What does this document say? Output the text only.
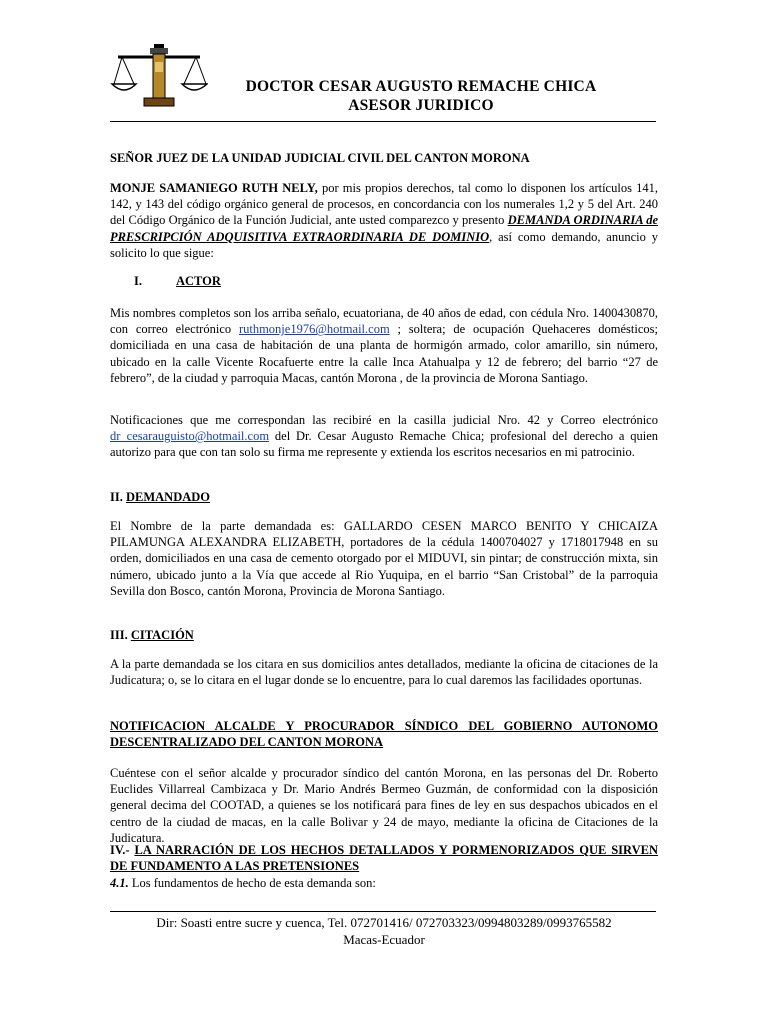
DOCTOR CESAR AUGUSTO REMACHE CHICA
ASESOR JURIDICO
SEÑOR JUEZ DE LA UNIDAD JUDICIAL CIVIL DEL CANTON MORONA
MONJE SAMANIEGO RUTH NELY, por mis propios derechos, tal como lo disponen los artículos 141, 142, y 143 del código orgánico general de procesos, en concordancia con los numerales 1,2 y 5 del Art. 240 del Código Orgánico de la Función Judicial, ante usted comparezco y presento DEMANDA ORDINARIA de PRESCRIPCIÓN ADQUISITIVA EXTRAORDINARIA DE DOMINIO, así como demando, anuncio y solicito lo que sigue:
I.	ACTOR
Mis nombres completos son los arriba señalo, ecuatoriana, de 40 años de edad, con cédula Nro. 1400430870, con correo electrónico ruthmonje1976@hotmail.com ; soltera; de ocupación Quehaceres domésticos; domiciliada en una casa de habitación de una planta de hormigón armado, color amarillo, sin número, ubicado en la calle Vicente Rocafuerte entre la calle Inca Atahualpa y 12 de febrero; del barrio “27 de febrero”, de la ciudad y parroquia Macas, cantón Morona , de la provincia de Morona Santiago.
Notificaciones que me correspondan las recibiré en la casilla judicial Nro. 42 y Correo electrónico dr_cesarauguisto@hotmail.com del Dr. Cesar Augusto Remache Chica; profesional del derecho a quien autorizo para que con tan solo su firma me represente y extienda los escritos necesarios en mi patrocinio.
II. DEMANDADO
El Nombre de la parte demandada es: GALLARDO CESEN MARCO BENITO Y CHICAIZA PILAMUNGA ALEXANDRA ELIZABETH, portadores de la cédula 1400704027 y 1718017948 en su orden, domiciliados en una casa de cemento otorgado por el MIDUVI, sin pintar; de construcción mixta, sin número, ubicado junto a la Vía que accede al Rio Yuquipa, en el barrio “San Cristobal” de la parroquia Sevilla don Bosco, cantón Morona, Provincia de Morona Santiago.
III. CITACIÓN
A la parte demandada se los citara en sus domicilios antes detallados, mediante la oficina de citaciones de la Judicatura; o, se lo citara en el lugar donde se lo encuentre, para lo cual daremos las facilidades oportunas.
NOTIFICACION ALCALDE Y PROCURADOR SÍNDICO DEL GOBIERNO AUTONOMO DESCENTRALIZADO DEL CANTON MORONA
Cuéntese con el señor alcalde y procurador síndico del cantón Morona, en las personas del Dr. Roberto Euclides Villarreal Cambizaca y Dr. Mario Andrés Bermeo Guzmán, de conformidad con la disposición general decima del COOTAD, a quienes se los notificará para fines de ley en sus despachos ubicados en el centro de la ciudad de macas, en la calle Bolivar y 24 de mayo, mediante la oficina de Citaciones de la Judicatura.
IV.- LA NARRACIÓN DE LOS HECHOS DETALLADOS Y PORMENORIZADOS QUE SIRVEN DE FUNDAMENTO A LAS PRETENSIONES
4.1. Los fundamentos de hecho de esta demanda son:
Dir: Soasti entre sucre y cuenca, Tel. 072701416/ 072703323/0994803289/0993765582
Macas-Ecuador
